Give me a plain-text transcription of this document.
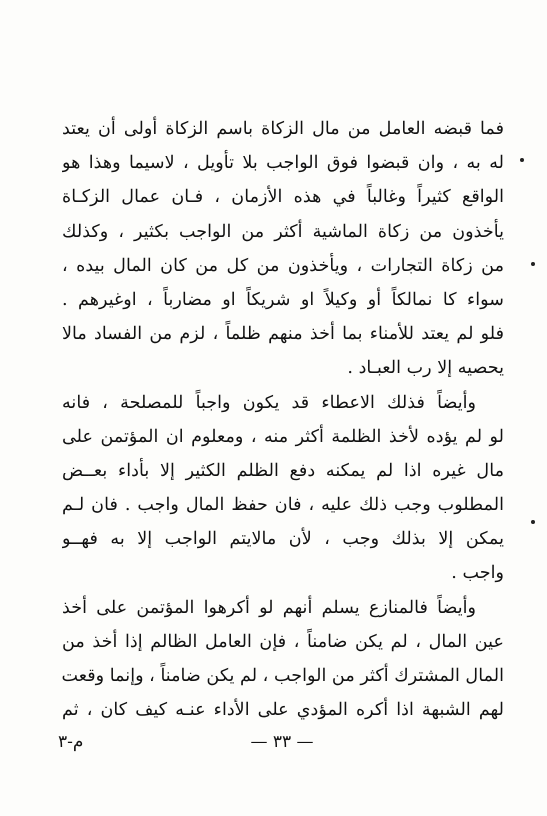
فما قبضه العامل من مال الزكاة باسم الزكاة أولى أن يعتد
له به ، وان قبضوا فوق الواجب بلا تأويل ، لاسيما وهذا هو
الواقع كثيراً وغالباً في هذه الأزمان ، فـان عمال الزكـاة
يأخذون من زكاة الماشية أكثر من الواجب بكثير ، وكذلك
من زكاة التجارات ، ويأخذون من كل من كان المال بيده ،
سواء كا نمالكاً أو وكيلاً او شريكاً او مضارباً ، اوغيرهم .
فلو لم يعتد للأمناء بما أخذ منهم ظلماً ، لزم من الفساد مالا
يحصيه إلا رب العبـاد .
وأيضاً فذلك الاعطاء قد يكون واجباً للمصلحة ، فانه
لو لم يؤده لأخذ الظلمة أكثر منه ، ومعلوم ان المؤتمن على
مال غيره اذا لم يمكنه دفع الظلم الكثير إلا بأداء بعــض
المطلوب وجب ذلك عليه ، فان حفظ المال واجب . فان لـم
يمكن إلا بذلك وجب ، لأن مالايتم الواجب إلا به فهــو
واجب .
وأيضاً فالمنازع يسلم أنهم لو أكرهوا المؤتمن على أخذ
عين المال ، لم يكن ضامناً ، فإن العامل الظالم إذا أخذ من
المال المشترك أكثر من الواجب ، لم يكن ضامناً ، وإنما وقعت
لهم الشبهة اذا أكره المؤدي على الأداء عنـه كيف كان ، ثم
— ٣٣ —
م-٣
